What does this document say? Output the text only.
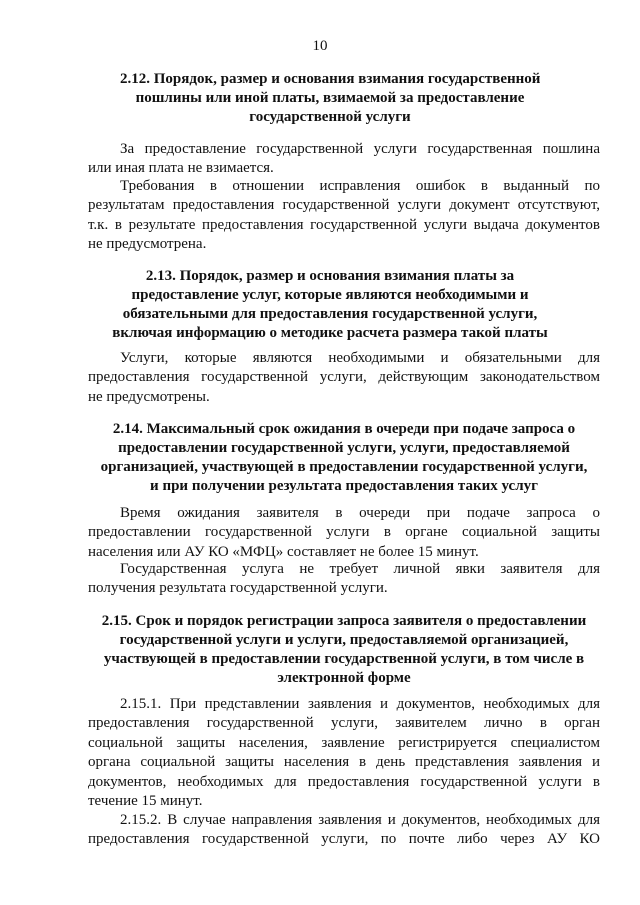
10
2.12. Порядок, размер и основания взимания государственной
пошлины или иной платы, взимаемой за предоставление
государственной услуги
За предоставление государственной услуги государственная пошлина
или иная плата не взимается.
Требования в отношении исправления ошибок в выданный по
результатам предоставления государственной услуги документ отсутствуют,
т.к. в результате предоставления государственной услуги выдача документов
не предусмотрена.
2.13. Порядок, размер и основания взимания платы за
предоставление услуг, которые являются необходимыми и
обязательными для предоставления государственной услуги,
включая информацию о методике расчета размера такой платы
Услуги, которые являются необходимыми и обязательными для
предоставления государственной услуги, действующим законодательством
не предусмотрены.
2.14. Максимальный срок ожидания в очереди при подаче запроса о
предоставлении государственной услуги, услуги, предоставляемой
организацией, участвующей в предоставлении государственной услуги,
и при получении результата предоставления таких услуг
Время ожидания заявителя в очереди при подаче запроса о
предоставлении государственной услуги в органе социальной защиты
населения или АУ КО «МФЦ» составляет не более 15 минут.
Государственная услуга не требует личной явки заявителя для
получения результата государственной услуги.
2.15. Срок и порядок регистрации запроса заявителя о предоставлении
государственной услуги и услуги, предоставляемой организацией,
участвующей в предоставлении государственной услуги, в том числе в
электронной форме
2.15.1. При представлении заявления и документов, необходимых для
предоставления государственной услуги, заявителем лично в орган
социальной защиты населения, заявление регистрируется специалистом
органа социальной защиты населения в день представления заявления и
документов, необходимых для предоставления государственной услуги в
течение 15 минут.
2.15.2. В случае направления заявления и документов, необходимых для
предоставления государственной услуги, по почте либо через АУ КО
